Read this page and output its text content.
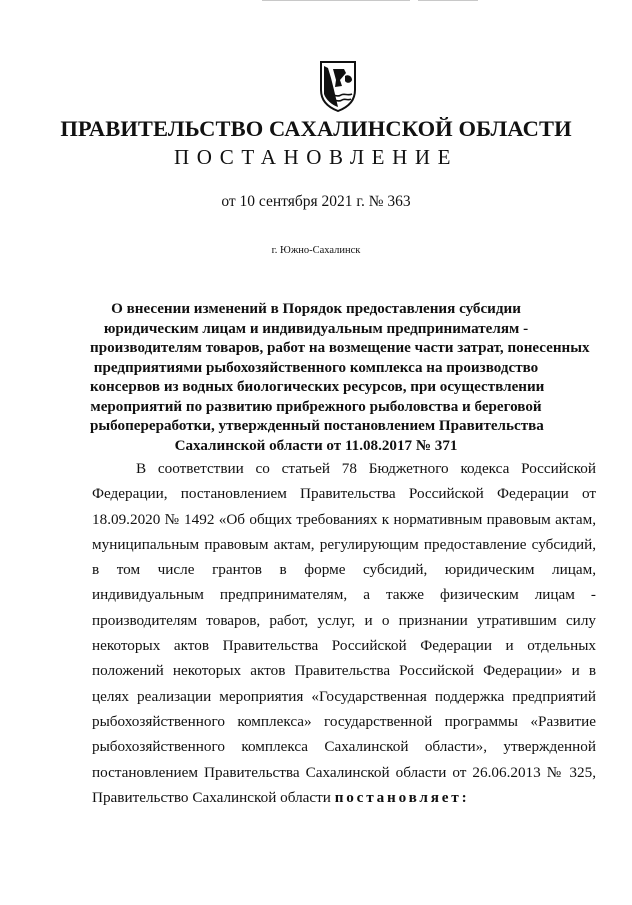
ПРАВИТЕЛЬСТВО САХАЛИНСКОЙ ОБЛАСТИ
ПОСТАНОВЛЕНИЕ
от 10 сентября 2021 г. № 363
г. Южно-Сахалинск

О внесении изменений в Порядок предоставления субсидии
юридическим лицам и индивидуальным предпринимателям -
производителям товаров, работ на возмещение части затрат, понесенных
предприятиями рыбохозяйственного комплекса на производство
консервов из водных биологических ресурсов, при осуществлении
мероприятий по развитию прибрежного рыболовства и береговой
рыбопереработки, утвержденный постановлением Правительства
Сахалинской области от 11.08.2017 № 371

В соответствии со статьей 78 Бюджетного кодекса Российской
Федерации, постановлением Правительства Российской Федерации от
18.09.2020 № 1492 «Об общих требованиях к нормативным правовым актам,
муниципальным правовым актам, регулирующим предоставление субсидий,
в том числе грантов в форме субсидий, юридическим лицам,
индивидуальным предпринимателям, а также физическим лицам -
производителям товаров, работ, услуг, и о признании утратившим силу
некоторых актов Правительства Российской Федерации и отдельных
положений некоторых актов Правительства Российской Федерации» и в
целях реализации мероприятия «Государственная поддержка предприятий
рыбохозяйственного комплекса» государственной программы «Развитие
рыбохозяйственного комплекса Сахалинской области», утвержденной
постановлением Правительства Сахалинской области от 26.06.2013 № 325,
Правительство Сахалинской области постановляет:
